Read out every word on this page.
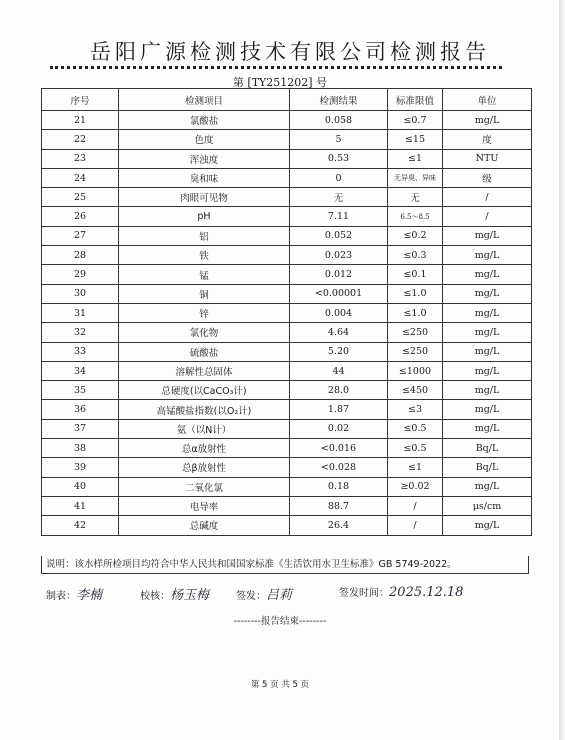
岳阳广源检测技术有限公司检测报告
第 [TY251202] 号
序号	检测项目	检测结果	标准限值	单位
21	氯酸盐	0.058	≤0.7	mg/L
22	色度	5	≤15	度
23	浑浊度	0.53	≤1	NTU
24	臭和味	0	无异臭、异味	级
25	肉眼可见物	无	无	/
26	pH	7.11	6.5～8.5	/
27	铝	0.052	≤0.2	mg/L
28	铁	0.023	≤0.3	mg/L
29	锰	0.012	≤0.1	mg/L
30	铜	<0.00001	≤1.0	mg/L
31	锌	0.004	≤1.0	mg/L
32	氯化物	4.64	≤250	mg/L
33	硫酸盐	5.20	≤250	mg/L
34	溶解性总固体	44	≤1000	mg/L
35	总硬度(以CaCO₃计)	28.0	≤450	mg/L
36	高锰酸盐指数(以O₂计)	1.87	≤3	mg/L
37	氨（以N计）	0.02	≤0.5	mg/L
38	总α放射性	<0.016	≤0.5	Bq/L
39	总β放射性	<0.028	≤1	Bq/L
40	二氧化氯	0.18	≥0.02	mg/L
41	电导率	88.7	/	μs/cm
42	总碱度	26.4	/	mg/L
说明：该水样所检项目均符合中华人民共和国国家标准《生活饮用水卫生标准》GB 5749-2022。
制表：李楠	校核：杨玉梅	签发：吕莉	签发时间：2025.12.18
--------报告结束--------
第 5 页 共 5 页
